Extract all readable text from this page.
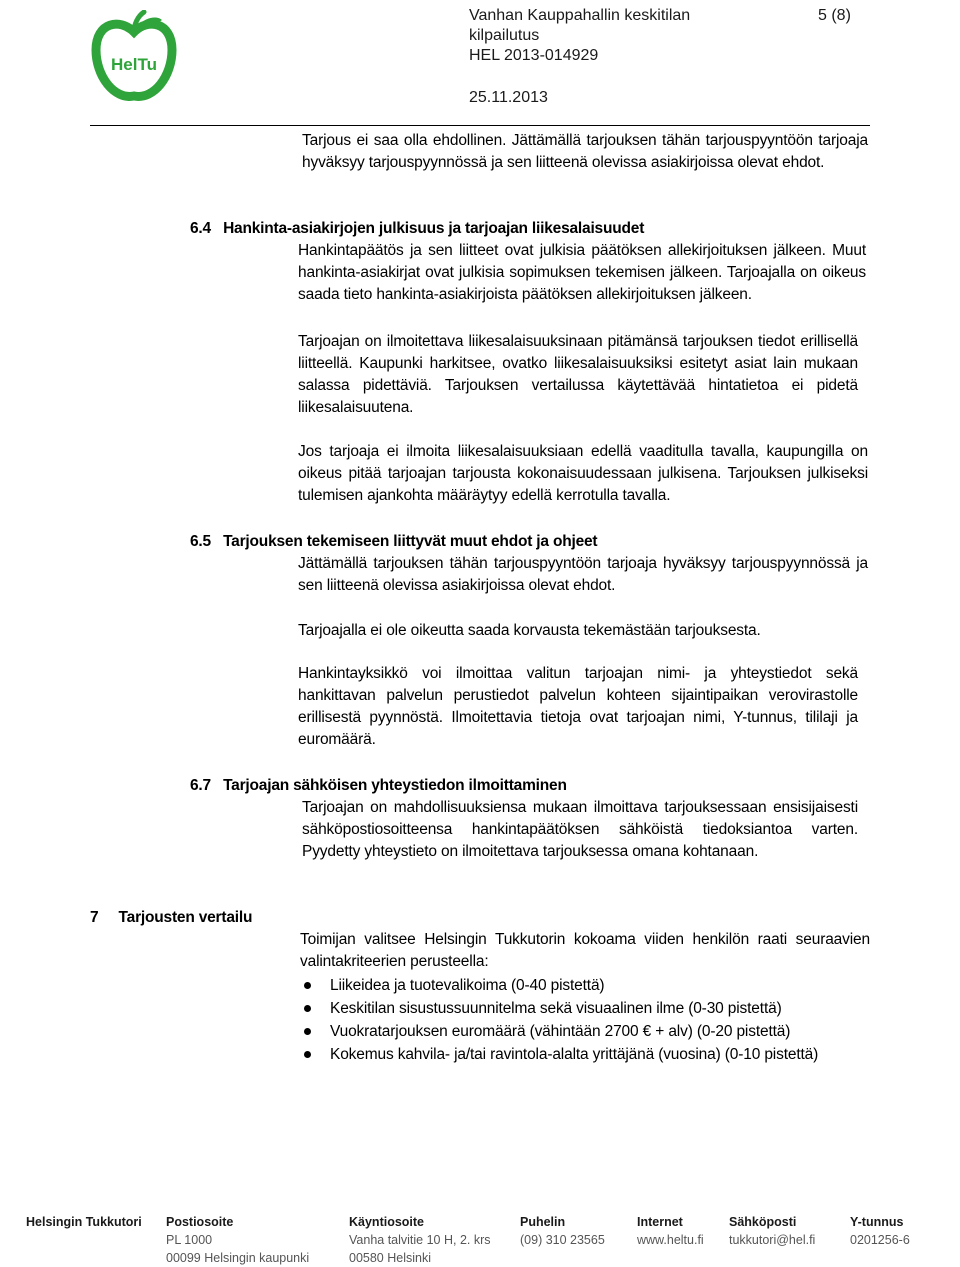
HelTu
Vanhan Kauppahallin keskitilan
kilpailutus
HEL 2013-014929
25.11.2013
5 (8)
Tarjous ei saa olla ehdollinen. Jättämällä tarjouksen tähän tarjouspyyntöön tarjoaja hyväksyy tarjouspyynnössä ja sen liitteenä olevissa asiakirjoissa olevat ehdot.
6.4 Hankinta-asiakirjojen julkisuus ja tarjoajan liikesalaisuudet
Hankintapäätös ja sen liitteet ovat julkisia päätöksen allekirjoituksen jälkeen. Muut hankinta-asiakirjat ovat julkisia sopimuksen tekemisen jälkeen. Tarjoajalla on oikeus saada tieto hankinta-asiakirjoista päätöksen allekirjoituksen jälkeen.
Tarjoajan on ilmoitettava liikesalaisuuksinaan pitämänsä tarjouksen tiedot erillisellä liitteellä. Kaupunki harkitsee, ovatko liikesalaisuuksiksi esitetyt asiat lain mukaan salassa pidettäviä. Tarjouksen vertailussa käytettävää hintatietoa ei pidetä liikesalaisuutena.
Jos tarjoaja ei ilmoita liikesalaisuuksiaan edellä vaaditulla tavalla, kaupungilla on oikeus pitää tarjoajan tarjousta kokonaisuudessaan julkisena. Tarjouksen julkiseksi tulemisen ajankohta määräytyy edellä kerrotulla tavalla.
6.5 Tarjouksen tekemiseen liittyvät muut ehdot ja ohjeet
Jättämällä tarjouksen tähän tarjouspyyntöön tarjoaja hyväksyy tarjouspyynnössä ja sen liitteenä olevissa asiakirjoissa olevat ehdot.
Tarjoajalla ei ole oikeutta saada korvausta tekemästään tarjouksesta.
Hankintayksikkö voi ilmoittaa valitun tarjoajan nimi- ja yhteystiedot sekä hankittavan palvelun perustiedot palvelun kohteen sijaintipaikan verovirastolle erillisestä pyynnöstä. Ilmoitettavia tietoja ovat tarjoajan nimi, Y-tunnus, tililaji ja euromäärä.
6.7 Tarjoajan sähköisen yhteystiedon ilmoittaminen
Tarjoajan on mahdollisuuksiensa mukaan ilmoittava tarjouksessaan ensisijaisesti sähköpostiosoitteensa hankintapäätöksen sähköistä tiedoksiantoa varten. Pyydetty yhteystieto on ilmoitettava tarjouksessa omana kohtanaan.
7 Tarjousten vertailu
Toimijan valitsee Helsingin Tukkutorin kokoama viiden henkilön raati seuraavien valintakriteerien perusteella:
Liikeidea ja tuotevalikoima (0-40 pistettä)
Keskitilan sisustussuunnitelma sekä visuaalinen ilme (0-30 pistettä)
Vuokratarjouksen euromäärä (vähintään 2700 € + alv) (0-20 pistettä)
Kokemus kahvila- ja/tai ravintola-alalta yrittäjänä (vuosina) (0-10 pistettä)
Helsingin Tukkutori Postiosoite
PL 1000
00099 Helsingin kaupunki
Käyntiosoite
Vanha talvitie 10 H, 2. krs
00580 Helsinki
Puhelin
(09) 310 23565
Internet
www.heltu.fi
Sähköposti
tukkutori@hel.fi
Y-tunnus
0201256-6
